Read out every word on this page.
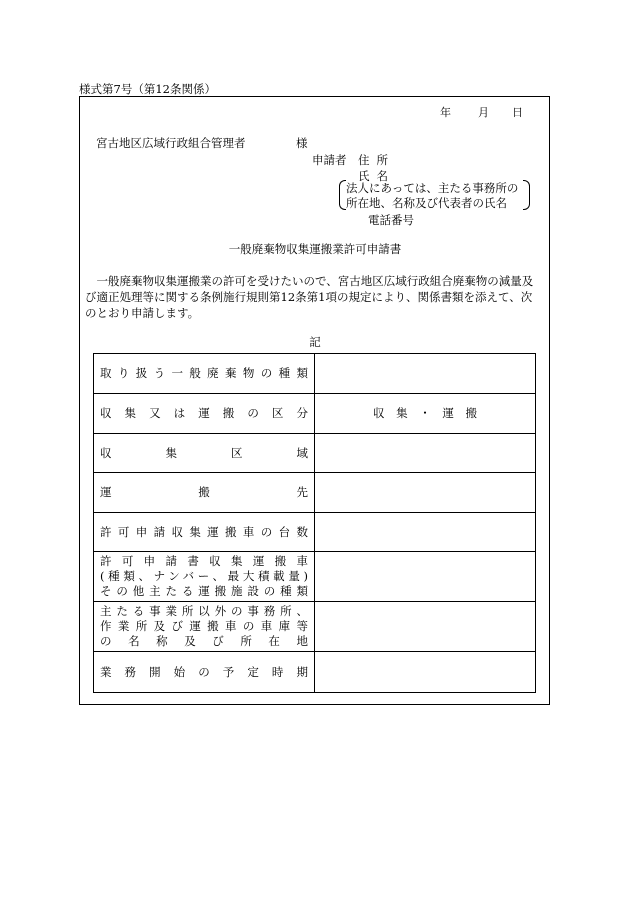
様式第7号（第12条関係）
年 月 日
宮古地区広域行政組合管理者	様
申請者 住所
氏名
法人にあっては、主たる事務所の
所在地、名称及び代表者の氏名
電話番号
一般廃棄物収集運搬業許可申請書
　一般廃棄物収集運搬業の許可を受けたいので、宮古地区広域行政組合廃棄物の減量及
び適正処理等に関する条例施行規則第12条第1項の規定により、関係書類を添えて、次
のとおり申請します。
記
取り扱う一般廃棄物の種類	

収集又は運搬の区分	収集・運搬

収集区域	

運搬先	

許可申請収集運搬車の台数	

許可申請書収集運搬車
(種類、ナンバー、最大積載量)
その他主たる運搬施設の種類	

主たる事業所以外の事務所、
作業所及び運搬車の車庫等
の名称及び所在地	

業務開始の予定時期	
